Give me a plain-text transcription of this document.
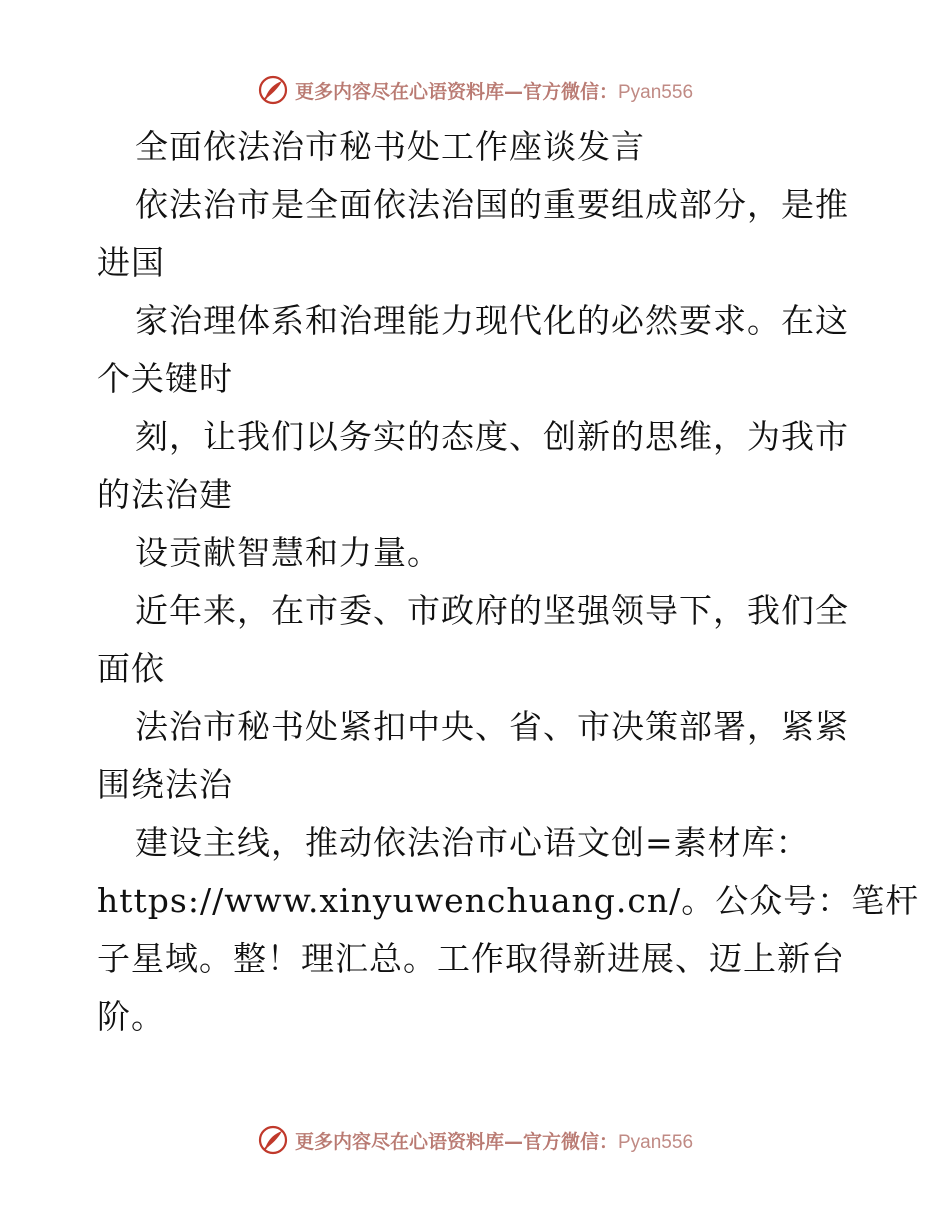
更多内容尽在心语资料库—官方微信：Pyan556
全面依法治市秘书处工作座谈发言
依法治市是全面依法治国的重要组成部分，是推
进国
家治理体系和治理能力现代化的必然要求。在这
个关键时
刻，让我们以务实的态度、创新的思维，为我市
的法治建
设贡献智慧和力量。
近年来，在市委、市政府的坚强领导下，我们全
面依
法治市秘书处紧扣中央、省、市决策部署，紧紧
围绕法治
建设主线，推动依法治市心语文创=素材库：
https://www.xinyuwenchuang.cn/。公众号：笔杆
子星域。整！理汇总。工作取得新进展、迈上新台
阶。
更多内容尽在心语资料库—官方微信：Pyan556
